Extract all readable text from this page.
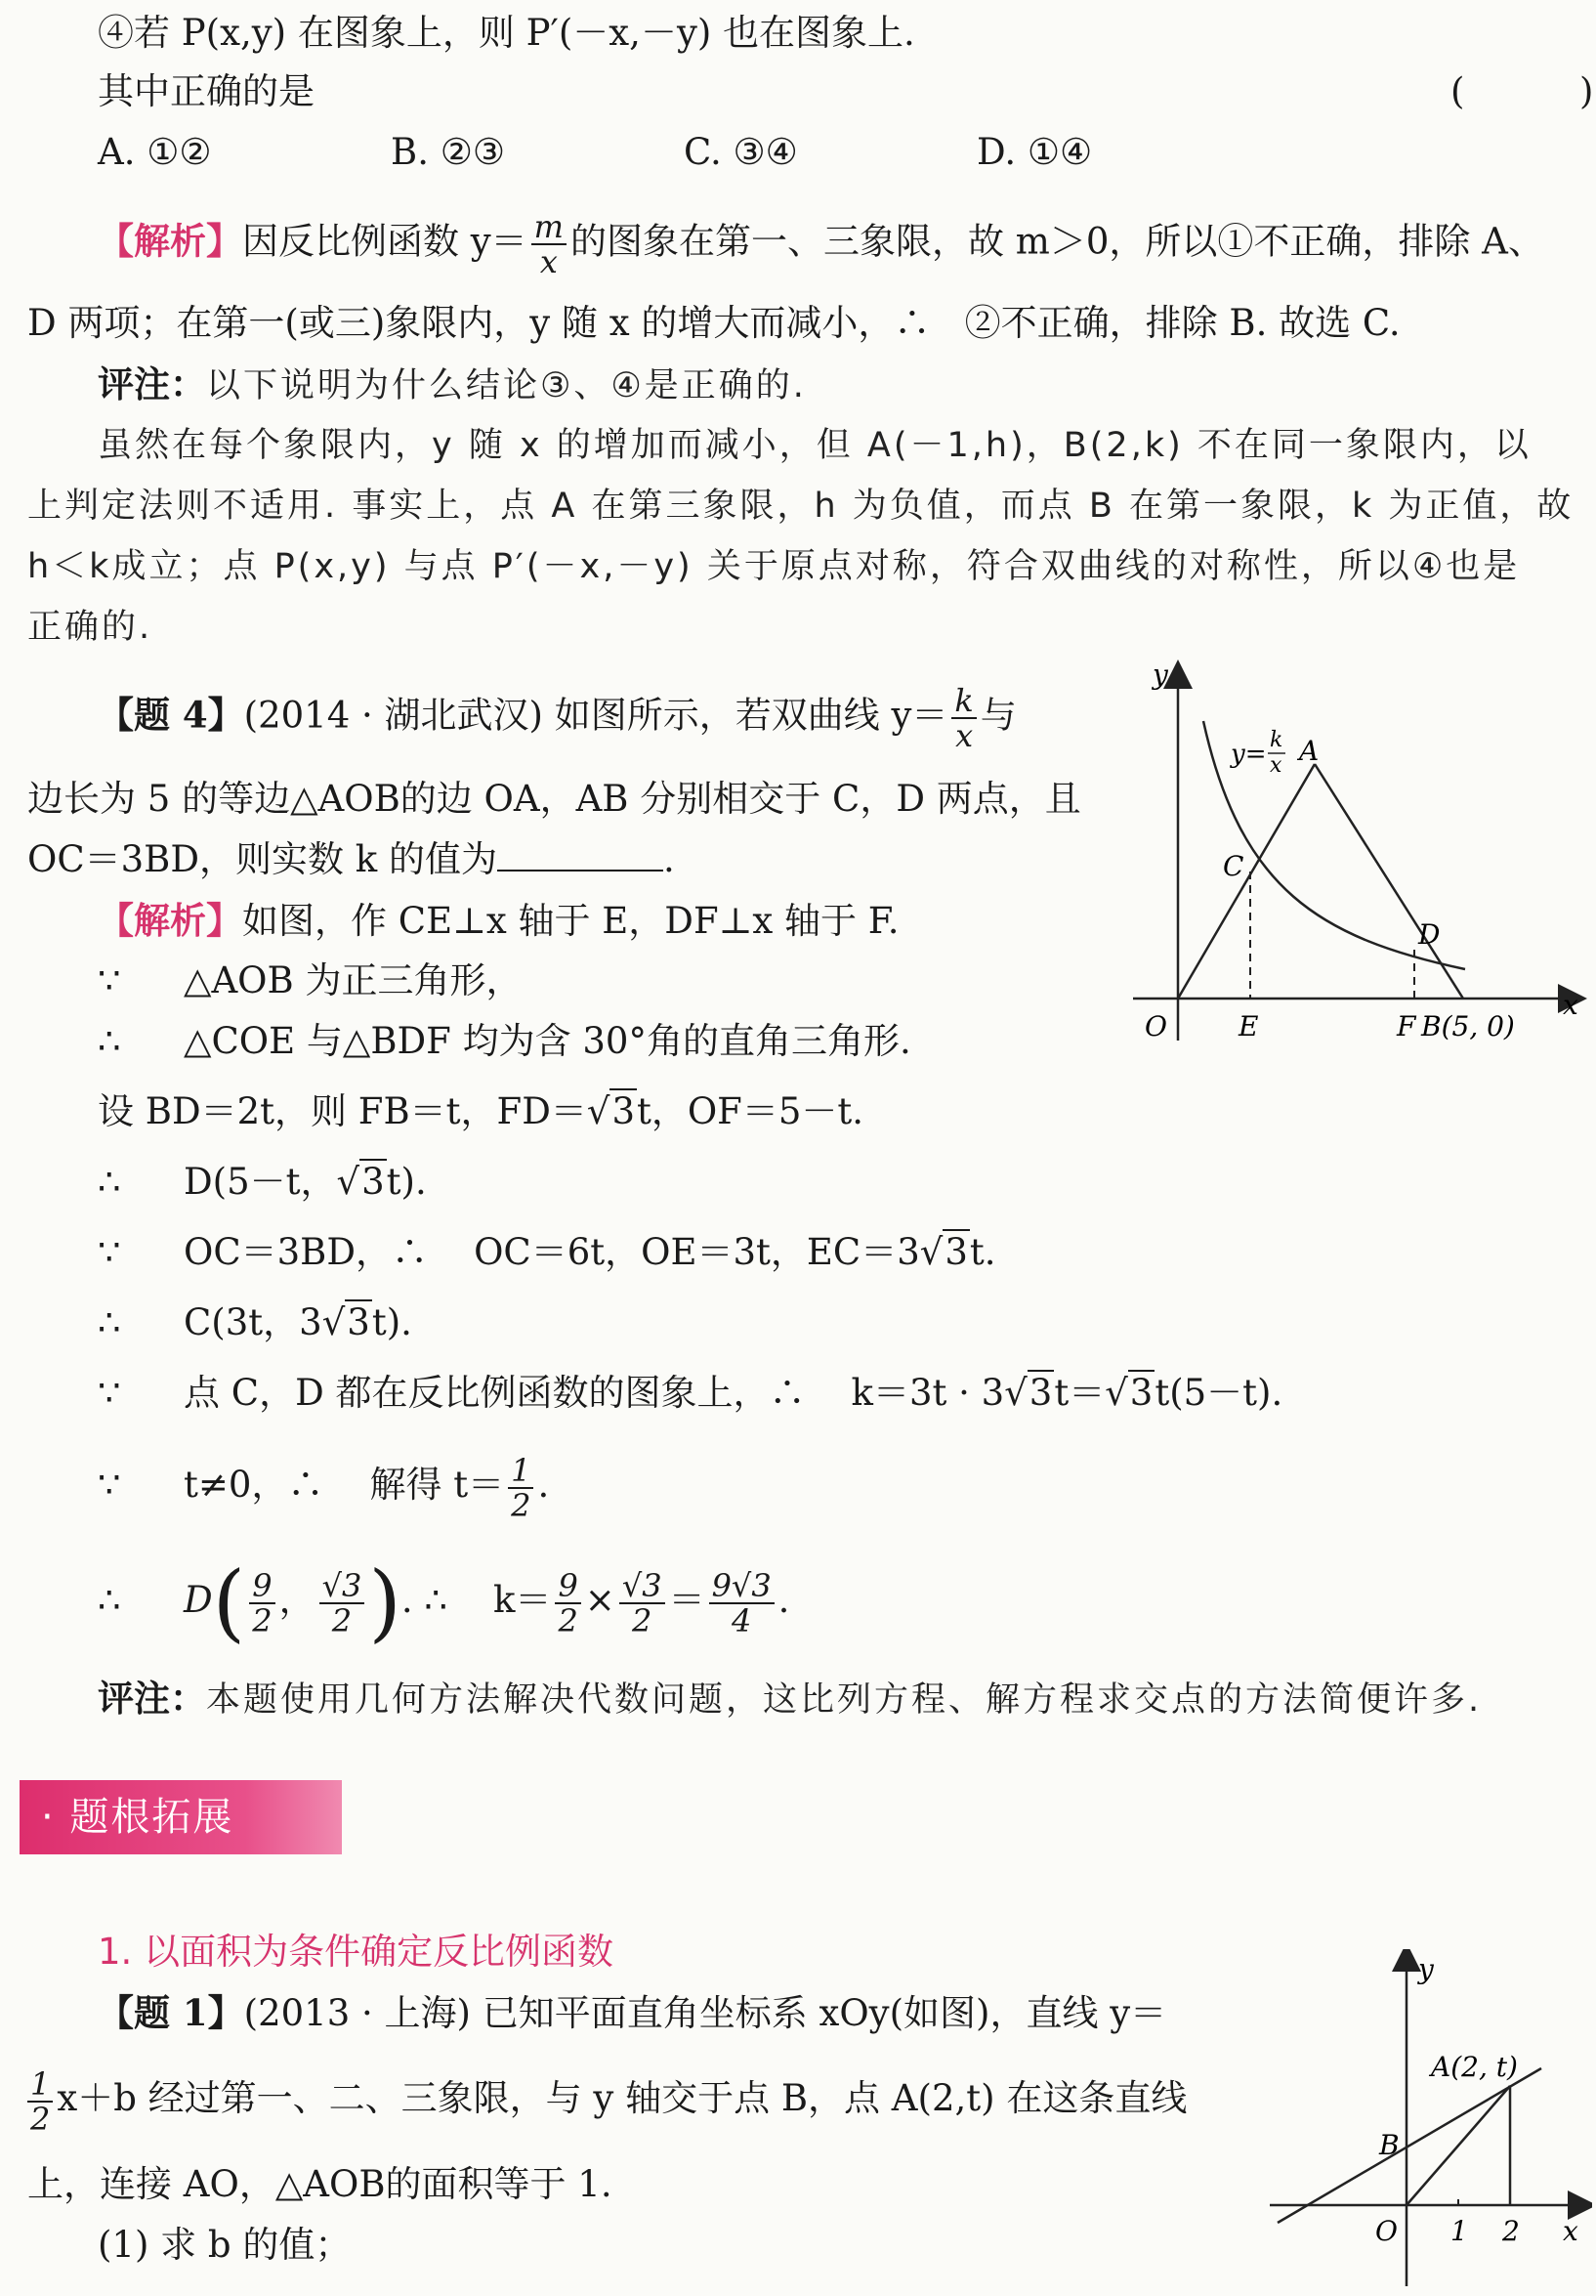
④若 P(x,y) 在图象上，则 P′(－x,－y) 也在图象上.
其中正确的是	(          )
A. ①②	B. ②③	C. ③④	D. ①④
【解析】因反比例函数 $y= \frac{m}{x}$ 的图象在第一、三象限，故 m＞0，所以①不正确，排除 A、
D 两项；在第一(或三)象限内，y 随 x 的增大而减小，∴   ②不正确，排除 B. 故选 C.
评注：以下说明为什么结论③、④是正确的.
虽然在每个象限内，y 随 x 的增加而减小，但 A(－1,h)，B(2,k) 不在同一象限内，以
上判定法则不适用. 事实上，点 A 在第三象限，h 为负值，而点 B 在第一象限，k 为正值，故
h＜k成立；点 P(x,y) 与点 P′(－x,－y) 关于原点对称，符合双曲线的对称性，所以④也是
正确的.
【题 4】(2014 · 湖北武汉) 如图所示，若双曲线 $y= \frac{k}{x}$ 与
边长为 5 的等边△AOB的边 OA，AB 分别相交于 C，D 两点，且
OC＝3BD，则实数 k 的值为	.
【解析】如图，作 CE⊥x 轴于 E，DF⊥x 轴于 F.
∵ △AOB 为正三角形，
∴ △COE 与△BDF 均为含 30°角的直角三角形.
设 BD＝2t，则 FB＝t，FD＝√3t，OF＝5－t.
∴ D(5－t，√3t).
∵ OC＝3BD，∴    OC＝6t，OE＝3t，EC＝3√3t.
∴ C(3t，3√3t).
∵ 点 C，D 都在反比例函数的图象上，∴    k＝3t · 3√3t＝√3t(5－t).
∵ t≠0，∴    解得 $t= \frac{1}{2}$ .
∴ $D( \frac{9}{2}$ ， $\frac{√3}{2}$ ). ∴    $k= \frac{9}{2} \times \frac{√3}{2} = \frac{9√3}{4}$ .
评注：本题使用几何方法解决代数问题，这比列方程、解方程求交点的方法简便许多.
· 题根拓展
1. 以面积为条件确定反比例函数
【题 1】(2013 · 上海) 已知平面直角坐标系 xOy(如图)，直线 y＝
$\frac{1}{2} x+b$ 经过第一、二、三象限，与 y 轴交于点 B，点 A(2,t) 在这条直线
上，连接 AO，△AOB的面积等于 1.
(1) 求 b 的值；
y
x
y= k
x A
C
D
O	E	F B(5, 0)
y
x
A(2, t)
B
O 1 2
